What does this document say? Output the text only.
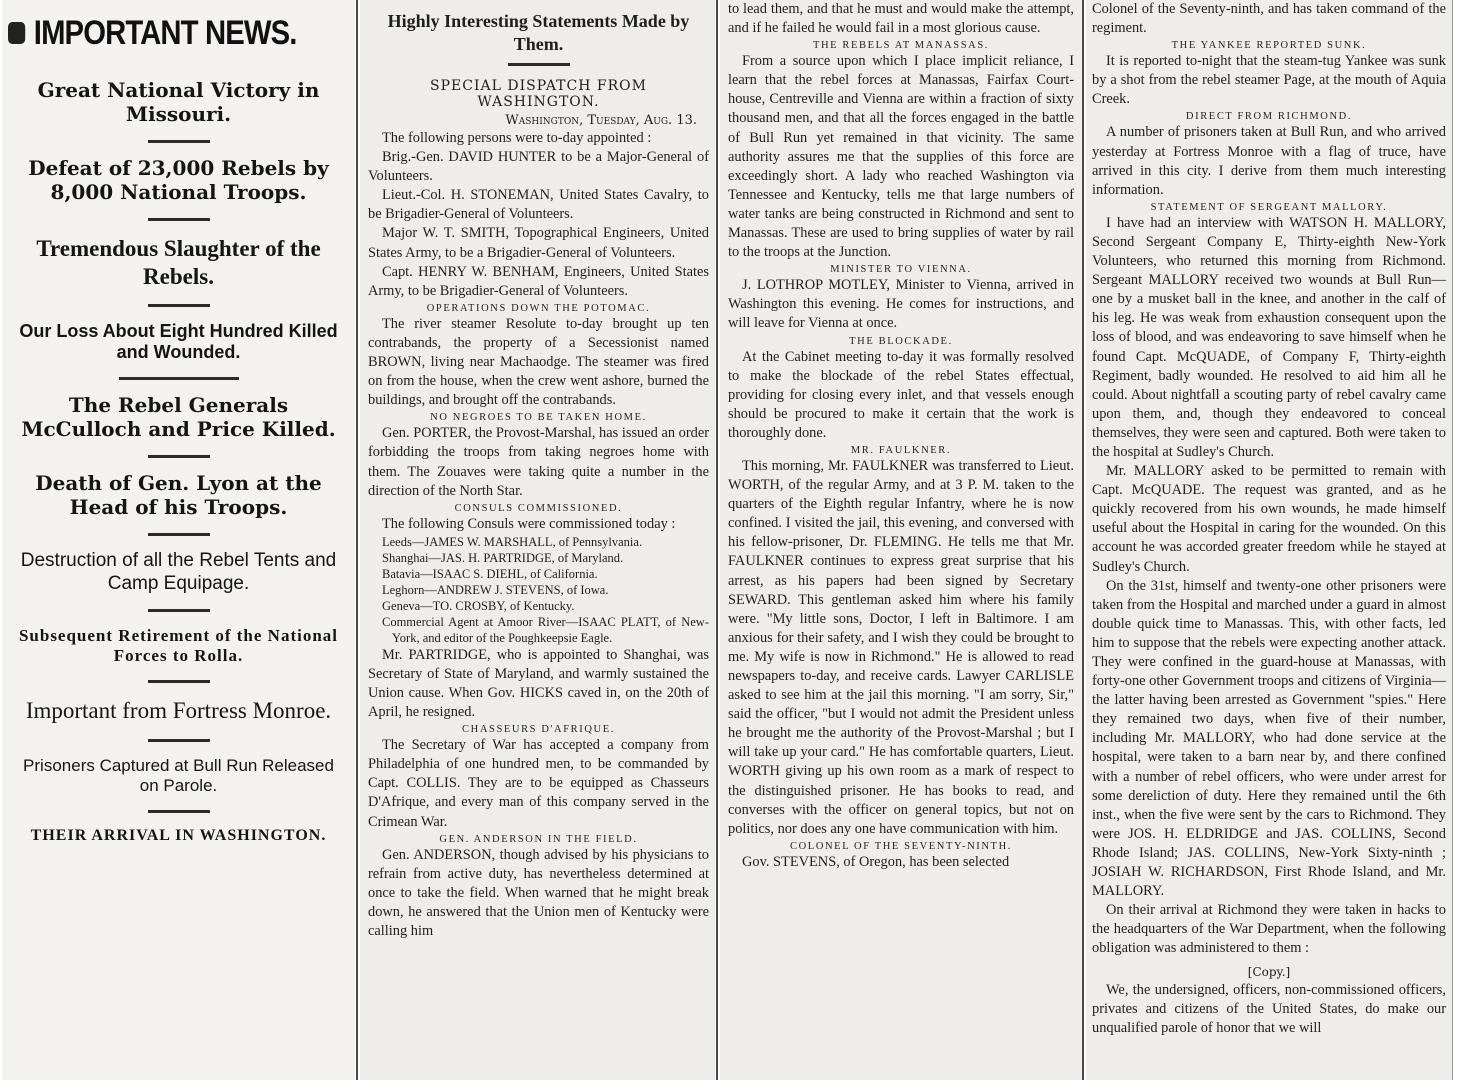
IMPORTANT NEWS.
Great National Victory in Missouri.
Defeat of 23,000 Rebels by 8,000 National Troops.
Tremendous Slaughter of the Rebels.
Our Loss About Eight Hundred Killed and Wounded.
The Rebel Generals McCulloch and Price Killed.
Death of Gen. Lyon at the Head of his Troops.
Destruction of all the Rebel Tents and Camp Equipage.
Subsequent Retirement of the National Forces to Rolla.
Important from Fortress Monroe.
Prisoners Captured at Bull Run Released on Parole.
THEIR ARRIVAL IN WASHINGTON.
Highly Interesting Statements Made by Them.
SPECIAL DISPATCH FROM WASHINGTON.
Washington, Tuesday, Aug. 13.

The following persons were to-day appointed :

Brig.-Gen. DAVID HUNTER to be a Major-General of Volunteers.

Lieut.-Col. H. STONEMAN, United States Cavalry, to be Brigadier-General of Volunteers.

Major W. T. SMITH, Topographical Engineers, United States Army, to be a Brigadier-General of Volunteers.

Capt. HENRY W. BENHAM, Engineers, United States Army, to be Brigadier-General of Volunteers.

OPERATIONS DOWN THE POTOMAC.

The river steamer Resolute to-day brought up ten contrabands, the property of a Secessionist named BROWN, living near Machaodge. The steamer was fired on from the house, when the crew went ashore, burned the buildings, and brought off the contrabands.

NO NEGROES TO BE TAKEN HOME.

Gen. PORTER, the Provost-Marshal, has issued an order forbidding the troops from taking negroes home with them. The Zouaves were taking quite a number in the direction of the North Star.

CONSULS COMMISSIONED.

The following Consuls were commissioned today :

Leeds—JAMES W. MARSHALL, of Pennsylvania.
Shanghai—JAS. H. PARTRIDGE, of Maryland.
Batavia—ISAAC S. DIEHL, of California.
Leghorn—ANDREW J. STEVENS, of Iowa.
Geneva—TO. CROSBY, of Kentucky.
Commercial Agent at Amoor River—ISAAC PLATT, of New-York, and editor of the Poughkeepsie Eagle.

Mr. PARTRIDGE, who is appointed to Shanghai, was Secretary of State of Maryland, and warmly sustained the Union cause. When Gov. HICKS caved in, on the 20th of April, he resigned.

CHASSEURS D'AFRIQUE.

The Secretary of War has accepted a company from Philadelphia of one hundred men, to be commanded by Capt. COLLIS. They are to be equipped as Chasseurs D'Afrique, and every man of this company served in the Crimean War.

GEN. ANDERSON IN THE FIELD.

Gen. ANDERSON, though advised by his physicians to refrain from active duty, has nevertheless determined at once to take the field. When warned that he might break down, he answered that the Union men of Kentucky were calling him

to lead them, and that he must and would make the attempt, and if he failed he would fail in a most glorious cause.

THE REBELS AT MANASSAS.

From a source upon which I place implicit reliance, I learn that the rebel forces at Manassas, Fairfax Court-house, Centreville and Vienna are within a fraction of sixty thousand men, and that all the forces engaged in the battle of Bull Run yet remained in that vicinity. The same authority assures me that the supplies of this force are exceedingly short. A lady who reached Washington via Tennessee and Kentucky, tells me that large numbers of water tanks are being constructed in Richmond and sent to Manassas. These are used to bring supplies of water by rail to the troops at the Junction.

MINISTER TO VIENNA.

J. LOTHROP MOTLEY, Minister to Vienna, arrived in Washington this evening. He comes for instructions, and will leave for Vienna at once.

THE BLOCKADE.

At the Cabinet meeting to-day it was formally resolved to make the blockade of the rebel States effectual, providing for closing every inlet, and that vessels enough should be procured to make it certain that the work is thoroughly done.

MR. FAULKNER.

This morning, Mr. FAULKNER was transferred to Lieut. WORTH, of the regular Army, and at 3 P. M. taken to the quarters of the Eighth regular Infantry, where he is now confined. I visited the jail, this evening, and conversed with his fellow-prisoner, Dr. FLEMING. He tells me that Mr. FAULKNER continues to express great surprise that his arrest, as his papers had been signed by Secretary SEWARD. This gentleman asked him where his family were. "My little sons, Doctor, I left in Baltimore. I am anxious for their safety, and I wish they could be brought to me. My wife is now in Richmond." He is allowed to read newspapers to-day, and receive cards. Lawyer CARLISLE asked to see him at the jail this morning. "I am sorry, Sir," said the officer, "but I would not admit the President unless he brought me the authority of the Provost-Marshal ; but I will take up your card." He has comfortable quarters, Lieut. WORTH giving up his own room as a mark of respect to the distinguished prisoner. He has books to read, and converses with the officer on general topics, but not on politics, nor does any one have communication with him.

COLONEL OF THE SEVENTY-NINTH.

Gov. STEVENS, of Oregon, has been selected

Colonel of the Seventy-ninth, and has taken command of the regiment.

THE YANKEE REPORTED SUNK.

It is reported to-night that the steam-tug Yankee was sunk by a shot from the rebel steamer Page, at the mouth of Aquia Creek.

DIRECT FROM RICHMOND.

A number of prisoners taken at Bull Run, and who arrived yesterday at Fortress Monroe with a flag of truce, have arrived in this city. I derive from them much interesting information.

STATEMENT OF SERGEANT MALLORY.

I have had an interview with WATSON H. MALLORY, Second Sergeant Company E, Thirty-eighth New-York Volunteers, who returned this morning from Richmond. Sergeant MALLORY received two wounds at Bull Run—one by a musket ball in the knee, and another in the calf of his leg. He was weak from exhaustion consequent upon the loss of blood, and was endeavoring to save himself when he found Capt. McQUADE, of Company F, Thirty-eighth Regiment, badly wounded. He resolved to aid him all he could. About nightfall a scouting party of rebel cavalry came upon them, and, though they endeavored to conceal themselves, they were seen and captured. Both were taken to the hospital at Sudley's Church.

Mr. MALLORY asked to be permitted to remain with Capt. McQUADE. The request was granted, and as he quickly recovered from his own wounds, he made himself useful about the Hospital in caring for the wounded. On this account he was accorded greater freedom while he stayed at Sudley's Church.

On the 31st, himself and twenty-one other prisoners were taken from the Hospital and marched under a guard in almost double quick time to Manassas. This, with other facts, led him to suppose that the rebels were expecting another attack. They were confined in the guard-house at Manassas, with forty-one other Government troops and citizens of Virginia—the latter having been arrested as Government "spies." Here they remained two days, when five of their number, including Mr. MALLORY, who had done service at the hospital, were taken to a barn near by, and there confined with a number of rebel officers, who were under arrest for some dereliction of duty. Here they remained until the 6th inst., when the five were sent by the cars to Richmond. They were JOS. H. ELDRIDGE and JAS. COLLINS, Second Rhode Island; JAS. COLLINS, New-York Sixty-ninth ; JOSIAH W. RICHARDSON, First Rhode Island, and Mr. MALLORY.

On their arrival at Richmond they were taken in hacks to the headquarters of the War Department, when the following obligation was administered to them :

[Copy.]

We, the undersigned, officers, non-commissioned officers, privates and citizens of the United States, do make our unqualified parole of honor that we will
